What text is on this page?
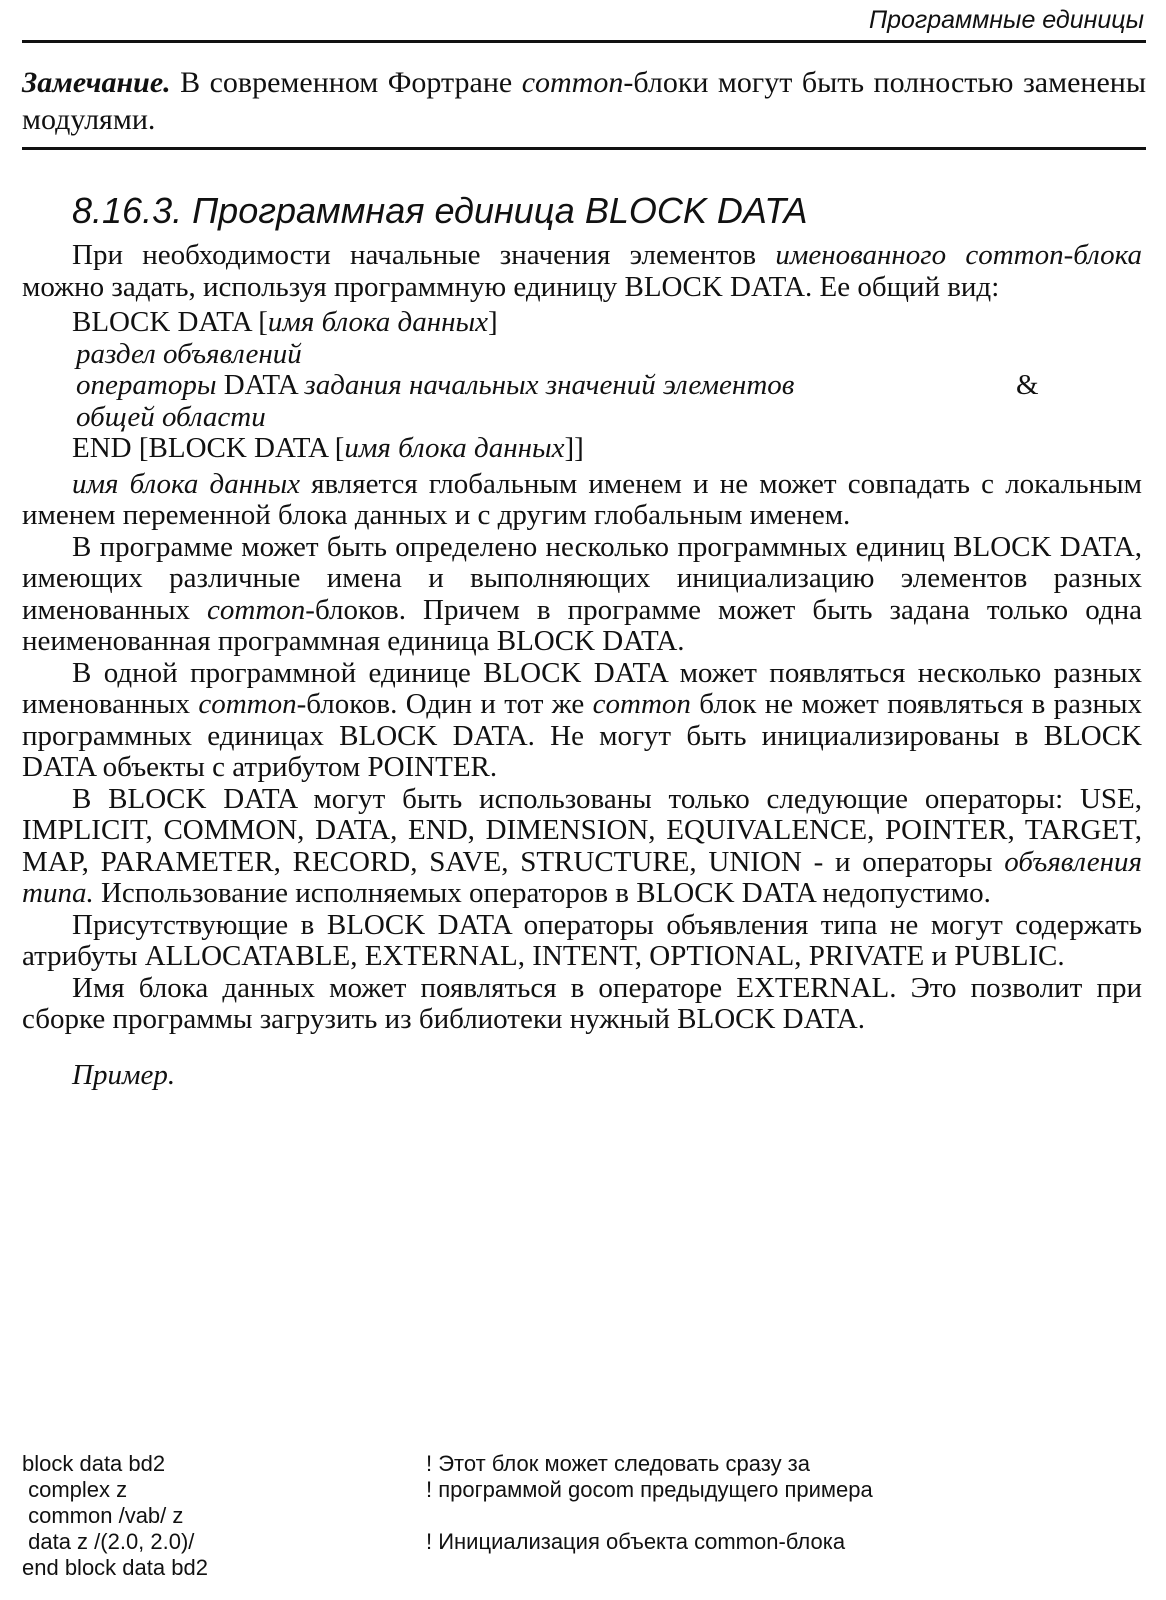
Программные единицы
Замечание. В современном Фортране common-блоки могут быть полностью заменены модулями.
8.16.3. Программная единица BLOCK DATA

При необходимости начальные значения элементов именованного common-блока можно задать, используя программную единицу BLOCK DATA. Ее общий вид:

BLOCK DATA [имя блока данных]
раздел объявлений
операторы DATA задания начальных значений элементов	&
общей области
END [BLOCK DATA [имя блока данных]]

имя блока данных является глобальным именем и не может совпадать с локальным именем переменной блока данных и с другим глобальным именем.

В программе может быть определено несколько программных единиц BLOCK DATA, имеющих различные имена и выполняющих инициализацию элементов разных именованных common-блоков. Причем в программе может быть задана только одна неименованная программная единица BLOCK DATA.

В одной программной единице BLOCK DATA может появляться несколько разных именованных common-блоков. Один и тот же common блок не может появляться в разных программных единицах BLOCK DATA. Не могут быть инициализированы в BLOCK DATA объекты с атрибутом POINTER.

В BLOCK DATA могут быть использованы только следующие операторы: USE, IMPLICIT, COMMON, DATA, END, DIMENSION, EQUIVALENCE, POINTER, TARGET, MAP, PARAMETER, RECORD, SAVE, STRUCTURE, UNION - и операторы объявления типа. Использование исполняемых операторов в BLOCK DATA недопустимо.

Присутствующие в BLOCK DATA операторы объявления типа не могут содержать атрибуты ALLOCATABLE, EXTERNAL, INTENT, OPTIONAL, PRIVATE и PUBLIC.

Имя блока данных может появляться в операторе EXTERNAL. Это позволит при сборке программы загрузить из библиотеки нужный BLOCK DATA.

Пример.
block data bd2	! Этот блок может следовать сразу за
complex z	! программой gocom предыдущего примера
common /vab/ z
data z /(2.0, 2.0)/	! Инициализация объекта common-блока
end block data bd2
